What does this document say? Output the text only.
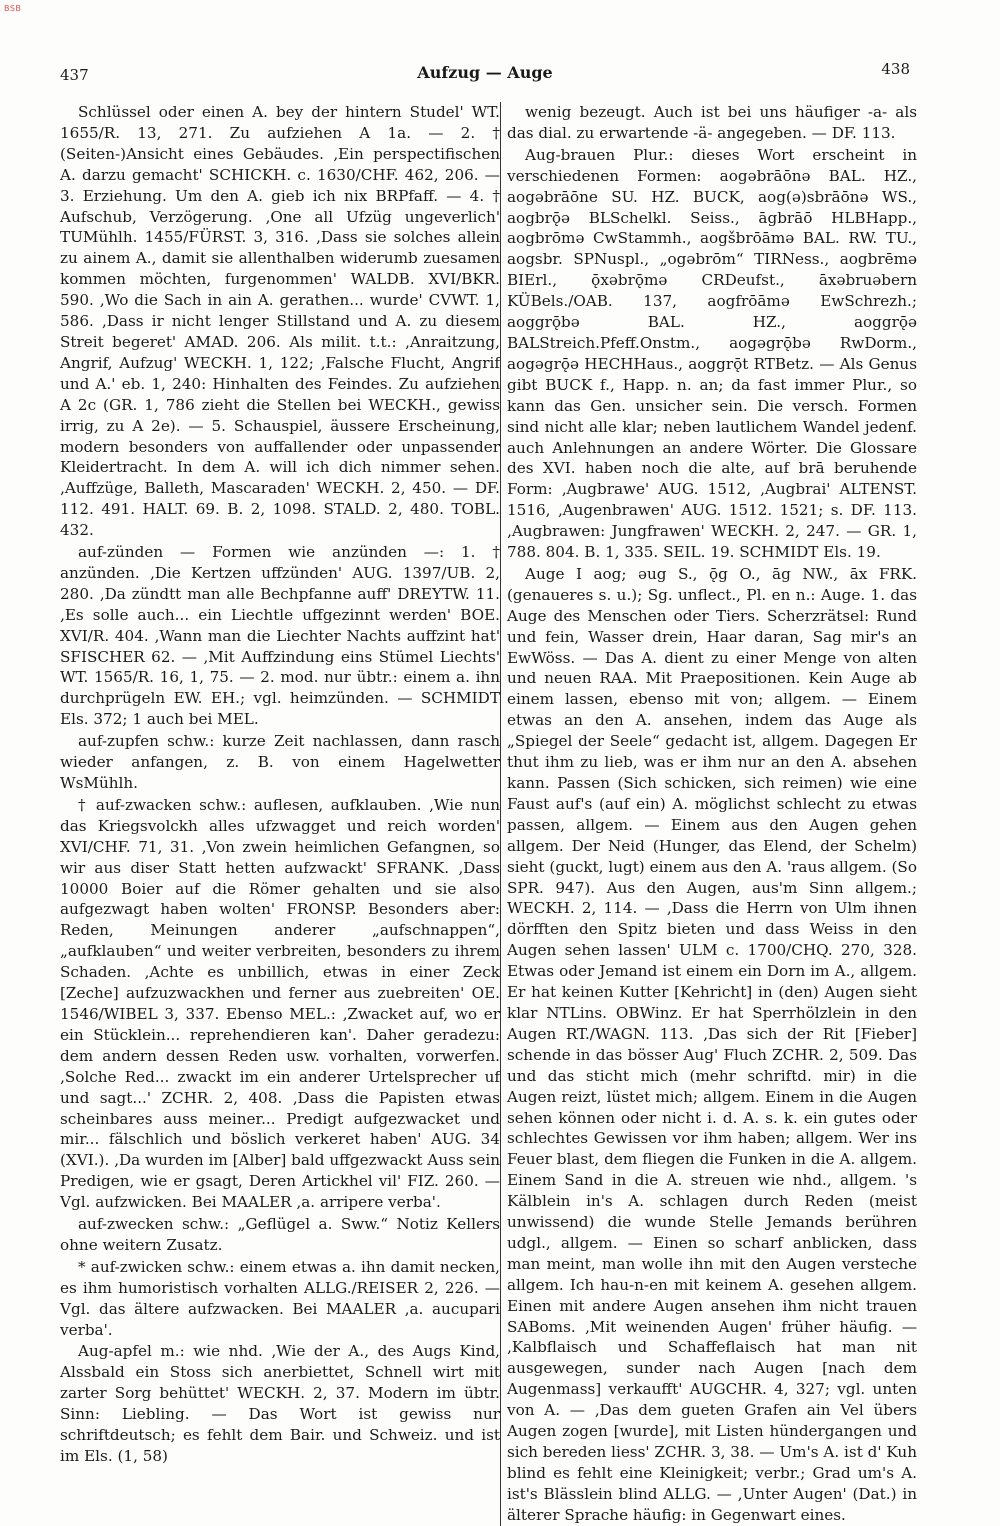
BSB
437	Aufzug — Auge	438

Schlüssel oder einen A. bey der hintern Studel' WT. 1655/R. 13, 271. Zu aufziehen A 1a. — 2. † (Seiten-)Ansicht eines Gebäudes. ‚Ein perspectifischen A. darzu gemacht' SCHICKH. c. 1630/CHF. 462, 206. — 3. Erziehung. Um den A. gieb ich nix BRPfaff. — 4. † Aufschub, Verzögerung. ‚One all Ufzüg ungeverlich' TUMühlh. 1455/FÜRST. 3, 316. ‚Dass sie solches allein zu ainem A., damit sie allenthalben widerumb zuesamen kommen möchten, furgenommen' WALDB. XVI/BKR. 590. ‚Wo die Sach in ain A. gerathen... wurde' CVWT. 1, 586. ‚Dass ir nicht lenger Stillstand und A. zu diesem Streit begeret' AMAD. 206. Als milit. t.t.: ‚Anraitzung, Angrif, Aufzug' WECKH. 1, 122; ‚Falsche Flucht, Angrif und A.' eb. 1, 240: Hinhalten des Feindes. Zu aufziehen A 2c (GR. 1, 786 zieht die Stellen bei WECKH., gewiss irrig, zu A 2e). — 5. Schauspiel, äussere Erscheinung, modern besonders von auffallender oder unpassender Kleidertracht. In dem A. will ich dich nimmer sehen. ‚Auffzüge, Balleth, Mascaraden' WECKH. 2, 450. — DF. 112. 491. HALT. 69. B. 2, 1098. STALD. 2, 480. TOBL. 432.

auf-zünden — Formen wie anzünden —: 1. † anzünden. ‚Die Kertzen uffzünden' AUG. 1397/UB. 2, 280. ‚Da zündtt man alle Bechpfanne auff' DREYTW. 11. ‚Es solle auch... ein Liechtle uffgezinnt werden' BOE. XVI/R. 404. ‚Wann man die Liechter Nachts auffzint hat' SFISCHER 62. — ‚Mit Auffzindung eins Stümel Liechts' WT. 1565/R. 16, 1, 75. — 2. mod. nur übtr.: einem a. ihn durchprügeln EW. EH.; vgl. heimzünden. — SCHMIDT Els. 372; 1 auch bei MEL.

auf-zupfen schw.: kurze Zeit nachlassen, dann rasch wieder anfangen, z. B. von einem Hagelwetter WsMühlh.

† auf-zwacken schw.: auflesen, aufklauben. ‚Wie nun das Kriegsvolckh alles ufzwagget und reich worden' XVI/CHF. 71, 31. ‚Von zwein heimlichen Gefangnen, so wir aus diser Statt hetten aufzwackt' SFRANK. ‚Dass 10000 Boier auf die Römer gehalten und sie also aufgezwagt haben wolten' FRONSP. Besonders aber: Reden, Meinungen anderer „aufschnappen“, „aufklauben“ und weiter verbreiten, besonders zu ihrem Schaden. ‚Achte es unbillich, etwas in einer Zeck [Zeche] aufzuzwackhen und ferner aus zuebreiten' OE. 1546/WIBEL 3, 337. Ebenso MEL.: ‚Zwacket auf, wo er ein Stücklein... reprehendieren kan'. Daher geradezu: dem andern dessen Reden usw. vorhalten, vorwerfen. ‚Solche Red... zwackt im ein anderer Urtelsprecher uf und sagt...' ZCHR. 2, 408. ‚Dass die Papisten etwas scheinbares auss meiner... Predigt aufgezwacket und mir... fälschlich und böslich verkeret haben' AUG. 34 (XVI.). ‚Da wurden im [Alber] bald uffgezwackt Auss sein Predigen, wie er gsagt, Deren Artickhel vil' FIZ. 260. — Vgl. aufzwicken. Bei MAALER ‚a. arripere verba'.

auf-zwecken schw.: „Geflügel a. Sww.“ Notiz Kellers ohne weitern Zusatz.

* auf-zwicken schw.: einem etwas a. ihn damit necken, es ihm humoristisch vorhalten ALLG./REISER 2, 226. — Vgl. das ältere aufzwacken. Bei MAALER ‚a. aucupari verba'.

Aug-apfel m.: wie nhd. ‚Wie der A., des Augs Kind, Alssbald ein Stoss sich anerbiettet, Schnell wirt mit zarter Sorg behüttet' WECKH. 2, 37. Modern im übtr. Sinn: Liebling. — Das Wort ist gewiss nur schriftdeutsch; es fehlt dem Bair. und Schweiz. und ist im Els. (1, 58)

wenig bezeugt. Auch ist bei uns häufiger -a- als das dial. zu erwartende -ä- angegeben. — DF. 113.

Aug-brauen Plur.: dieses Wort erscheint in verschiedenen Formen: aogəbrāōnə BAL. HZ., aogəbrāōne SU. HZ. BUCK, aog(ə)sbrāōnə WS., aogbrǭə BLSchelkl. Seiss., āgbrāō HLBHapp., aogbrōmə CwStammh., aogšbrōāmə BAL. RW. TU., aogsbr. SPNuspl., „ogəbrōm“ TIRNess., aogbrēmə BIErl., ǭxəbrǭmə CRDeufst., āxəbruəbern KÜBels./OAB. 137, aogfrōāmə EwSchrezh.; aoggrǭbə BAL. HZ., aoggrǭə BALStreich.Pfeff.Onstm., aogəgrǭbə RwDorm., aogəgrǭə HECHHaus., aoggrǭt RTBetz. — Als Genus gibt BUCK f., Happ. n. an; da fast immer Plur., so kann das Gen. unsicher sein. Die versch. Formen sind nicht alle klar; neben lautlichem Wandel jedenf. auch Anlehnungen an andere Wörter. Die Glossare des XVI. haben noch die alte, auf brā beruhende Form: ‚Augbrawe' AUG. 1512, ‚Augbrai' ALTENST. 1516, ‚Augenbrawen' AUG. 1512. 1521; s. DF. 113. ‚Augbrawen: Jungfrawen' WECKH. 2, 247. — GR. 1, 788. 804. B. 1, 335. SEIL. 19. SCHMIDT Els. 19.

Auge I aog; əug S., ǭg O., āg NW., āx FRK. (genaueres s. u.); Sg. unflect., Pl. en n.: Auge. 1. das Auge des Menschen oder Tiers. Scherzrätsel: Rund und fein, Wasser drein, Haar daran, Sag mir's an EwWöss. — Das A. dient zu einer Menge von alten und neuen RAA. Mit Praepositionen. Kein Auge ab einem lassen, ebenso mit von; allgem. — Einem etwas an den A. ansehen, indem das Auge als „Spiegel der Seele“ gedacht ist, allgem. Dagegen Er thut ihm zu lieb, was er ihm nur an den A. absehen kann. Passen (Sich schicken, sich reimen) wie eine Faust auf's (auf ein) A. möglichst schlecht zu etwas passen, allgem. — Einem aus den Augen gehen allgem. Der Neid (Hunger, das Elend, der Schelm) sieht (guckt, lugt) einem aus den A. 'raus allgem. (So SPR. 947). Aus den Augen, aus'm Sinn allgem.; WECKH. 2, 114. — ‚Dass die Herrn von Ulm ihnen dörfften den Spitz bieten und dass Weiss in den Augen sehen lassen' ULM c. 1700/CHQ. 270, 328. Etwas oder Jemand ist einem ein Dorn im A., allgem. Er hat keinen Kutter [Kehricht] in (den) Augen sieht klar NTLins. OBWinz. Er hat Sperrhölzlein in den Augen RT./WAGN. 113. ‚Das sich der Rit [Fieber] schende in das bösser Aug' Fluch ZCHR. 2, 509. Das und das sticht mich (mehr schriftd. mir) in die Augen reizt, lüstet mich; allgem. Einem in die Augen sehen können oder nicht i. d. A. s. k. ein gutes oder schlechtes Gewissen vor ihm haben; allgem. Wer ins Feuer blast, dem fliegen die Funken in die A. allgem. Einem Sand in die A. streuen wie nhd., allgem. 's Kälblein in's A. schlagen durch Reden (meist unwissend) die wunde Stelle Jemands berühren udgl., allgem. — Einen so scharf anblicken, dass man meint, man wolle ihn mit den Augen versteche allgem. Ich hau-n-en mit keinem A. gesehen allgem. Einen mit andere Augen ansehen ihm nicht trauen SABoms. ‚Mit weinenden Augen' früher häufig. — ‚Kalbflaisch und Schaffeflaisch hat man nit ausgewegen, sunder nach Augen [nach dem Augenmass] verkaufft' AUGCHR. 4, 327; vgl. unten von A. — ‚Das dem gueten Grafen ain Vel übers Augen zogen [wurde], mit Listen hündergangen und sich bereden liess' ZCHR. 3, 38. — Um's A. ist d' Kuh blind es fehlt eine Kleinigkeit; verbr.; Grad um's A. ist's Blässlein blind ALLG. — ‚Unter Augen' (Dat.) in älterer Sprache häufig: in Gegenwart eines.
